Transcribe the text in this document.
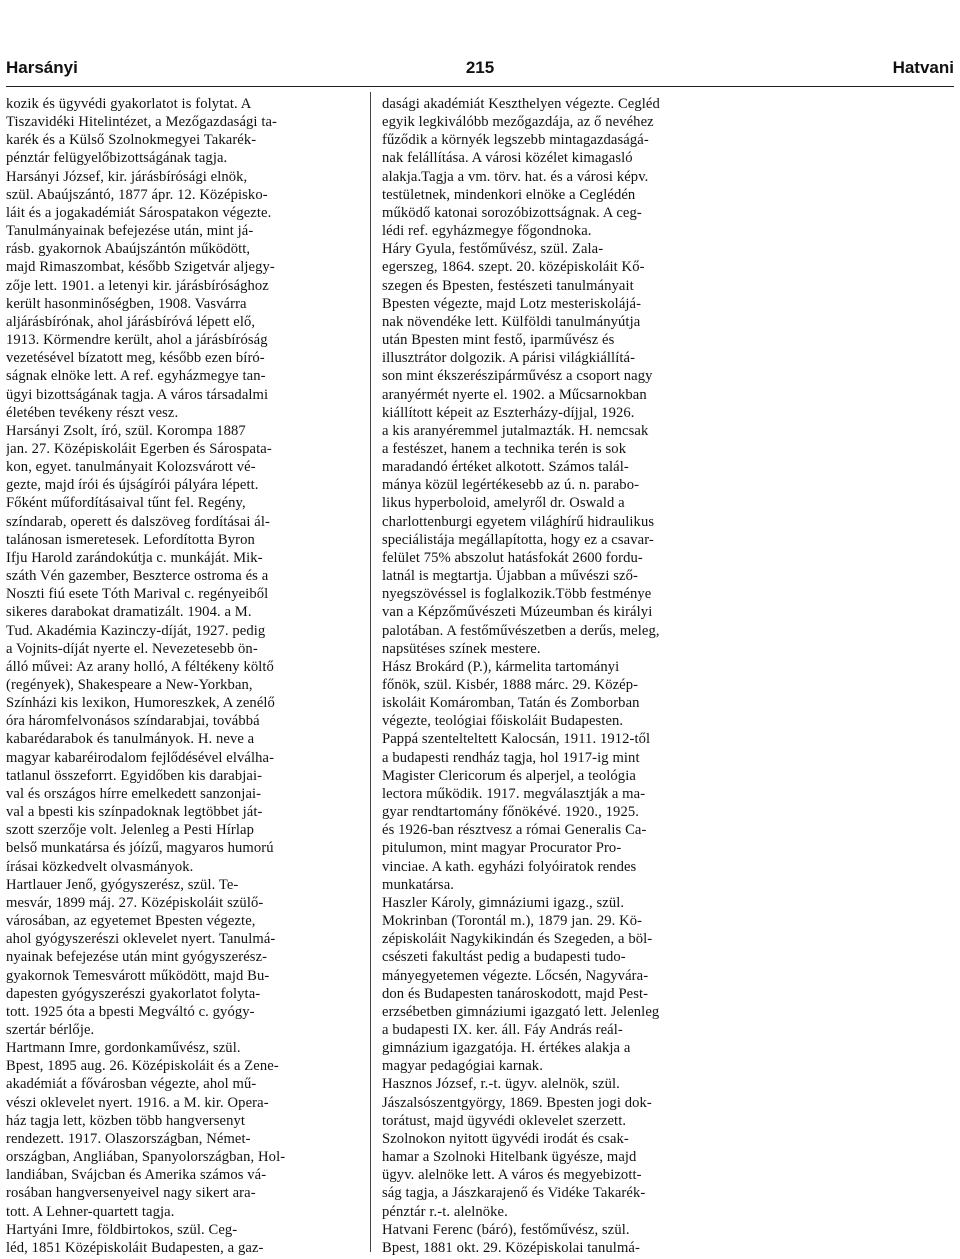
Harsányi	215	Hatvani
kozik és ügyvédi gyakorlatot is folytat. A
Tiszavidéki Hitelintézet, a Mezőgazdasági ta-
karék és a Külső Szolnokmegyei Takarék-
pénztár felügyelőbizottságának tagja.
Harsányi József, kir. járásbírósági elnök,
szül. Abaújszántó, 1877 ápr. 12. Középisko-
láit és a jogakadémiát Sárospatakon végezte.
Tanulmányainak befejezése után, mint já-
rásb. gyakornok Abaújszántón működött,
majd Rimaszombat, később Szigetvár aljegy-
zője lett. 1901. a letenyi kir. járásbírósághoz
került hasonminőségben, 1908. Vasvárra
aljárásbírónak, ahol járásbíróvá lépett elő,
1913. Körmendre került, ahol a járásbíróság
vezetésével bízatott meg, később ezen bíró-
ságnak elnöke lett. A ref. egyházmegye tan-
ügyi bizottságának tagja. A város társadalmi
életében tevékeny részt vesz.
Harsányi Zsolt, író, szül. Korompa 1887
jan. 27. Középiskoláit Egerben és Sárospata-
kon, egyet. tanulmányait Kolozsvárott vé-
gezte, majd írói és újságírói pályára lépett.
Főként műfordításaival tűnt fel. Regény,
színdarab, operett és dalszöveg fordításai ál-
talánosan ismeretesek. Lefordította Byron
Ifju Harold zarándokútja c. munkáját. Mik-
száth Vén gazember, Beszterce ostroma és a
Noszti fiú esete Tóth Marival c. regényeiből
sikeres darabokat dramatizált. 1904. a M.
Tud. Akadémia Kazinczy-díját, 1927. pedig
a Vojnits-díját nyerte el. Nevezetesebb ön-
álló művei: Az arany holló, A féltékeny költő
(regények), Shakespeare a New-Yorkban,
Színházi kis lexikon, Humoreszkek, A zenélő
óra háromfelvonásos színdarabjai, továbbá
kabarédarabok és tanulmányok. H. neve a
magyar kabaréirodalom fejlődésével elválha-
tatlanul összeforrt. Egyidőben kis darabjai-
val és országos hírre emelkedett sanzonjai-
val a bpesti kis színpadoknak legtöbbet ját-
szott szerzője volt. Jelenleg a Pesti Hírlap
belső munkatársa és jóízű, magyaros humorú
írásai közkedvelt olvasmányok.
Hartlauer Jenő, gyógyszerész, szül. Te-
mesvár, 1899 máj. 27. Középiskoláit szülő-
városában, az egyetemet Bpesten végezte,
ahol gyógyszerészi oklevelet nyert. Tanulmá-
nyainak befejezése után mint gyógyszerész-
gyakornok Temesvárott működött, majd Bu-
dapesten gyógyszerészi gyakorlatot folyta-
tott. 1925 óta a bpesti Megváltó c. gyógy-
szertár bérlője.
Hartmann Imre, gordonkaművész, szül.
Bpest, 1895 aug. 26. Középiskoláit és a Zene-
akadémiát a fővárosban végezte, ahol mű-
vészi oklevelet nyert. 1916. a M. kir. Opera-
ház tagja lett, közben több hangversenyt
rendezett. 1917. Olaszországban, Német-
országban, Angliában, Spanyolországban, Hol-
landiában, Svájcban és Amerika számos vá-
rosában hangversenyeivel nagy sikert ara-
tott. A Lehner-quartett tagja.
Hartyáni Imre, földbirtokos, szül. Ceg-
léd, 1851 Középiskoláit Budapesten, a gaz-
dasági akadémiát Keszthelyen végezte. Cegléd
egyik legkiválóbb mezőgazdája, az ő nevéhez
fűződik a környék legszebb mintagazdaságá-
nak felállítása. A városi közélet kimagasló
alakja.Tagja a vm. törv. hat. és a városi képv.
testületnek, mindenkori elnöke a Ceglédén
működő katonai sorozóbizottságnak. A ceg-
lédi ref. egyházmegye főgondnoka.
Háry Gyula, festőművész, szül. Zala-
egerszeg, 1864. szept. 20. középiskoláit Kő-
szegen és Bpesten, festészeti tanulmányait
Bpesten végezte, majd Lotz mesteriskolájá-
nak növendéke lett. Külföldi tanulmányútja
után Bpesten mint festő, iparművész és
illusztrátor dolgozik. A párisi világkiállítá-
son mint ékszerészipárművész a csoport nagy
aranyérmét nyerte el. 1902. a Műcsarnokban
kiállított képeit az Eszterházy-díjjal, 1926.
a kis aranyéremmel jutalmazták. H. nemcsak
a festészet, hanem a technika terén is sok
maradandó értéket alkotott. Számos talál-
mánya közül legértékesebb az ú. n. parabo-
likus hyperboloid, amelyről dr. Oswald a
charlottenburgi egyetem világhírű hidraulikus
speciálistája megállapította, hogy ez a csavar-
felület 75% abszolut hatásfokát 2600 fordu-
latnál is megtartja. Újabban a művészi sző-
nyegszövéssel is foglalkozik.Több festménye
van a Képzőművészeti Múzeumban és királyi
palotában. A festőművészetben a derűs, meleg,
napsütéses színek mestere.
Hász Brokárd (P.), kármelita tartományi
főnök, szül. Kisbér, 1888 márc. 29. Közép-
iskoláit Komáromban, Tatán és Zomborban
végezte, teológiai főiskoláit Budapesten.
Pappá szentelteltett Kalocsán, 1911. 1912-től
a budapesti rendház tagja, hol 1917-ig mint
Magister Clericorum és alperjel, a teológia
lectora működik. 1917. megválasztják a ma-
gyar rendtartomány főnökévé. 1920., 1925.
és 1926-ban résztvesz a római Generalis Ca-
pitulumon, mint magyar Procurator Pro-
vinciae. A kath. egyházi folyóiratok rendes
munkatársa.
Haszler Károly, gimnáziumi igazg., szül.
Mokrinban (Torontál m.), 1879 jan. 29. Kö-
zépiskoláit Nagykikindán és Szegeden, a böl-
csészeti fakultást pedig a budapesti tudo-
mányegyetemen végezte. Lőcsén, Nagyvára-
don és Budapesten tanároskodott, majd Pest-
erzsébetben gimnáziumi igazgató lett. Jelenleg
a budapesti IX. ker. áll. Fáy András reál-
gimnázium igazgatója. H. értékes alakja a
magyar pedagógiai karnak.
Hasznos József, r.-t. ügyv. alelnök, szül.
Jászalsószentgyörgy, 1869. Bpesten jogi dok-
torátust, majd ügyvédi oklevelet szerzett.
Szolnokon nyitott ügyvédi irodát és csak-
hamar a Szolnoki Hitelbank ügyésze, majd
ügyv. alelnöke lett. A város és megyebizott-
ság tagja, a Jászkarajenő és Vidéke Takarék-
pénztár r.-t. alelnöke.
Hatvani Ferenc (báró), festőművész, szül.
Bpest, 1881 okt. 29. Középiskolai tanulmá-
